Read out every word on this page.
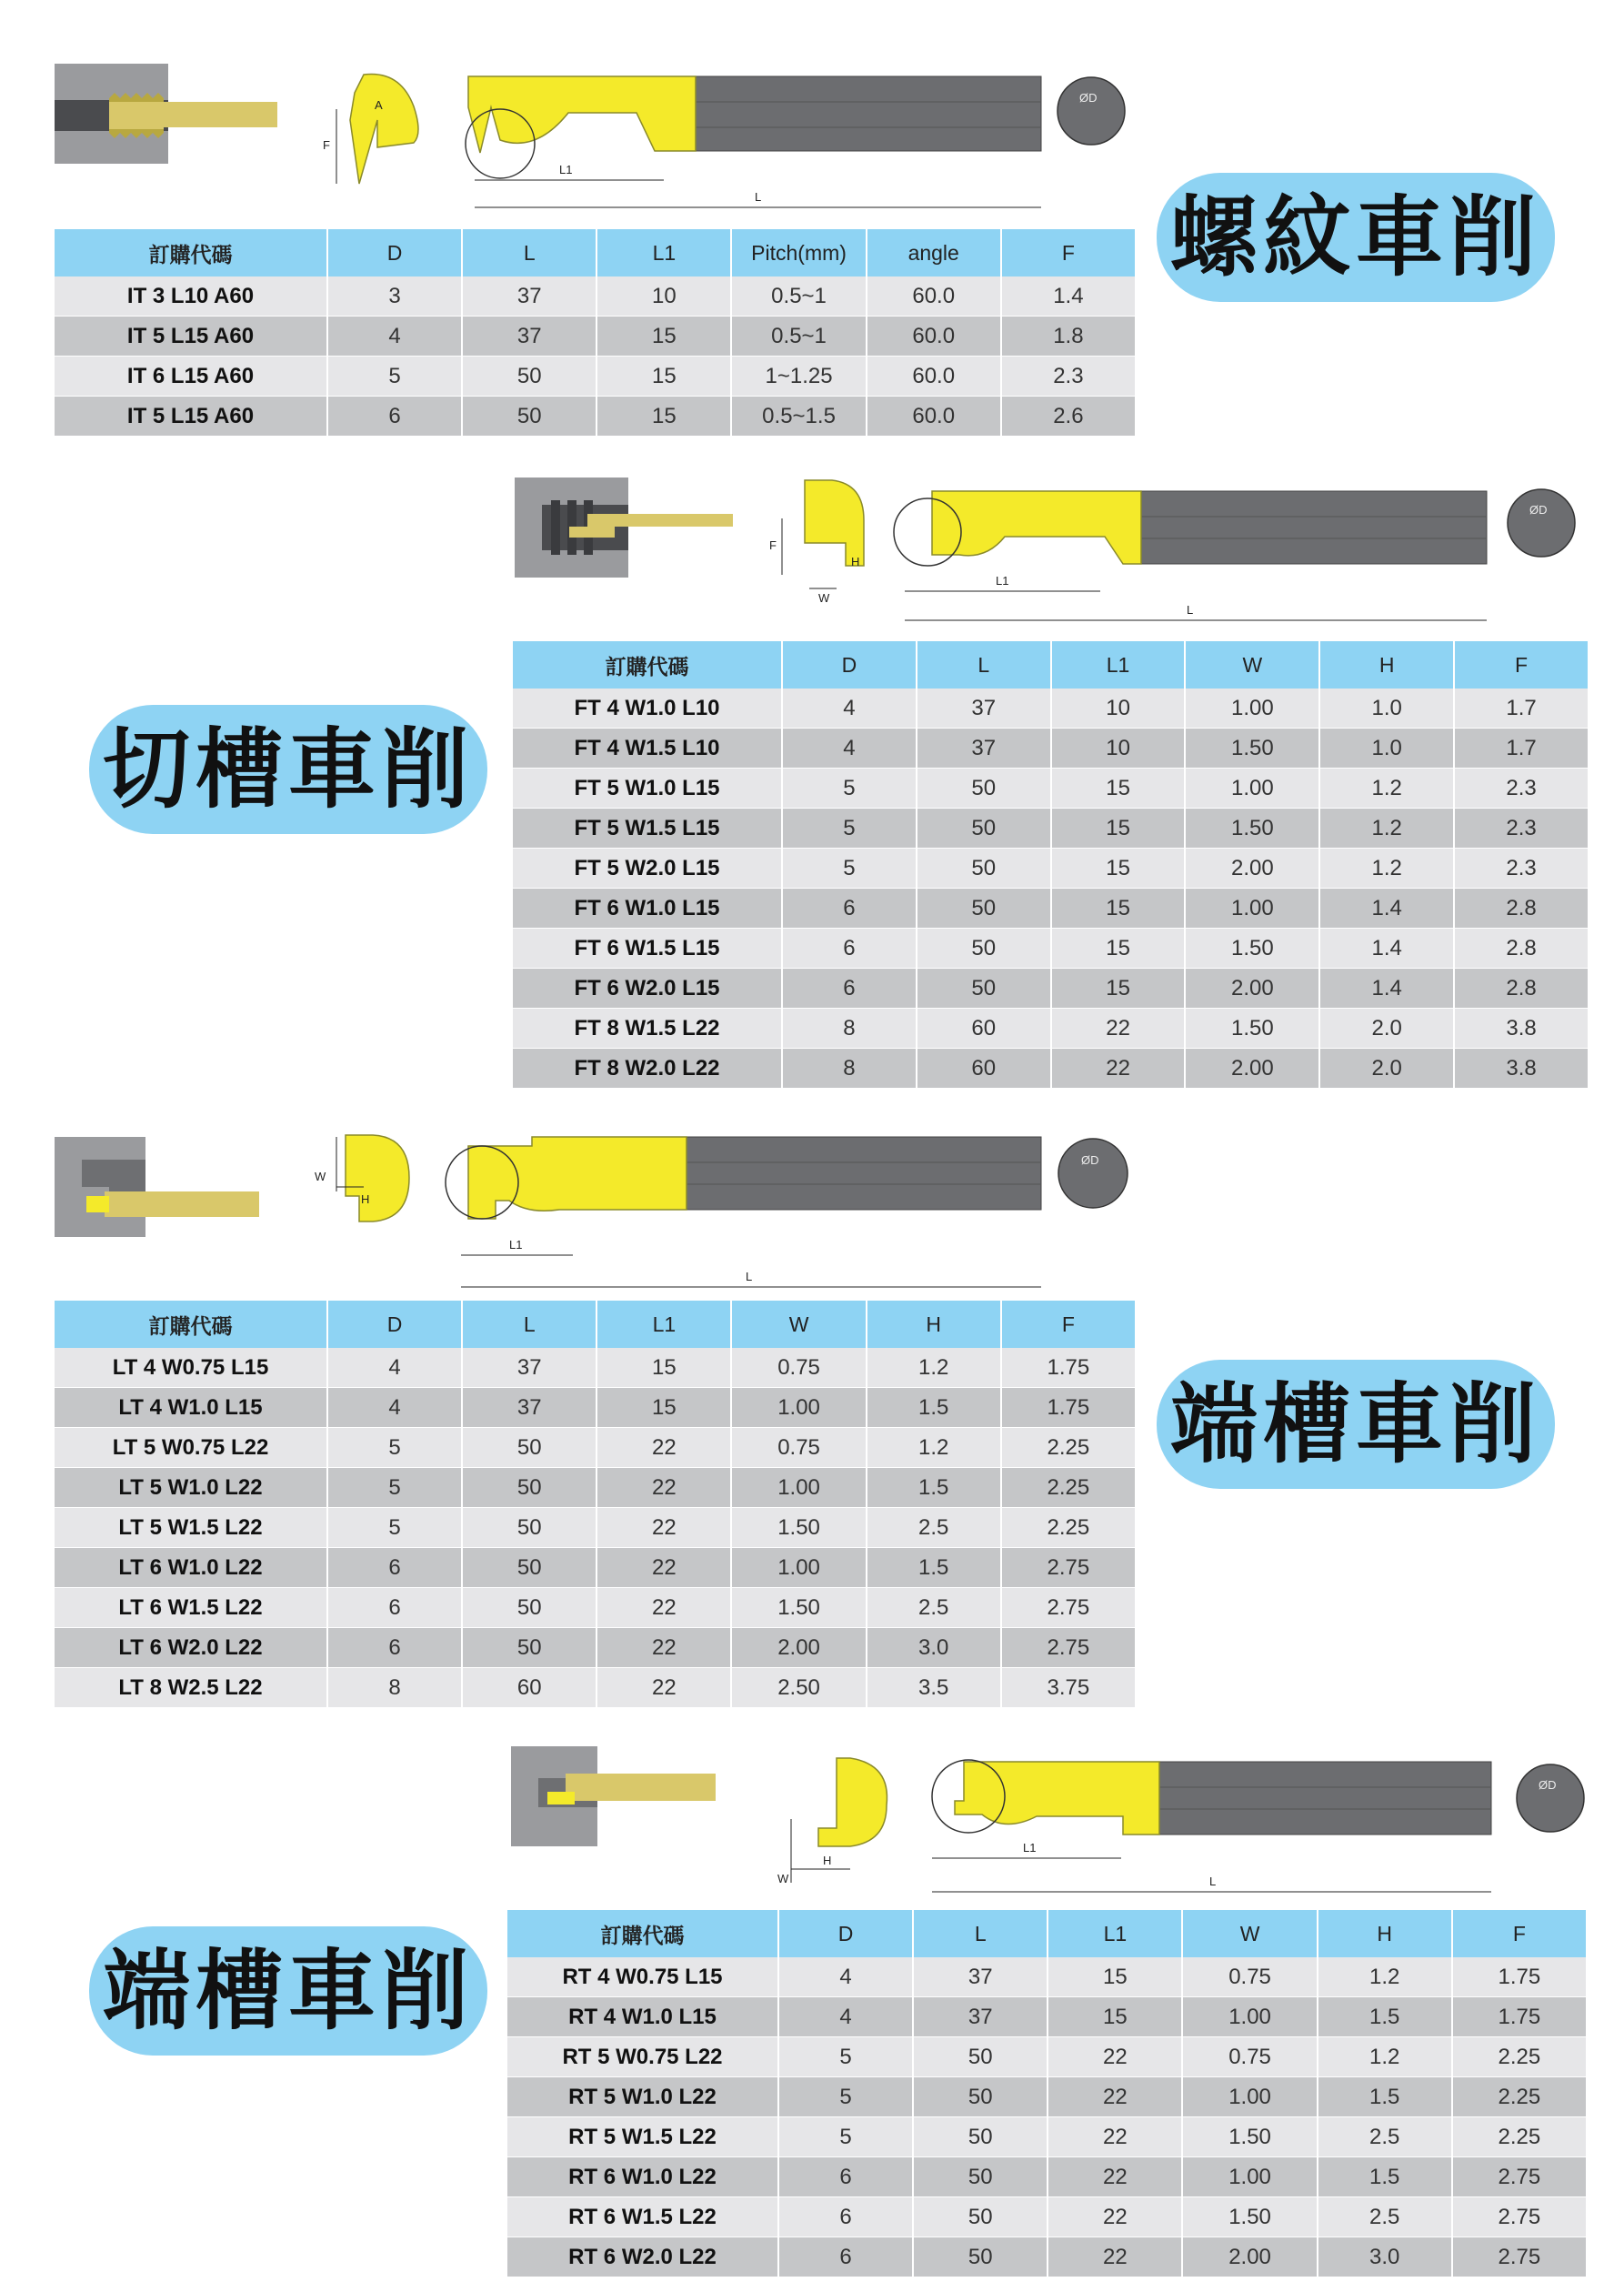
F
A
L1
L
ØD
訂購代碼	D	L	L1	Pitch(mm)	angle	F
IT 3 L10 A60	3	37	10	0.5~1	60.0	1.4
IT 5 L15 A60	4	37	15	0.5~1	60.0	1.8
IT 6 L15 A60	5	50	15	1~1.25	60.0	2.3
IT 5 L15 A60	6	50	15	0.5~1.5	60.0	2.6
螺紋車削
F
H
W
L1
L
ØD
切槽車削
訂購代碼	D	L	L1	W	H	F
FT 4 W1.0 L10	4	37	10	1.00	1.0	1.7
FT 4 W1.5 L10	4	37	10	1.50	1.0	1.7
FT 5 W1.0 L15	5	50	15	1.00	1.2	2.3
FT 5 W1.5 L15	5	50	15	1.50	1.2	2.3
FT 5 W2.0 L15	5	50	15	2.00	1.2	2.3
FT 6 W1.0 L15	6	50	15	1.00	1.4	2.8
FT 6 W1.5 L15	6	50	15	1.50	1.4	2.8
FT 6 W2.0 L15	6	50	15	2.00	1.4	2.8
FT 8 W1.5 L22	8	60	22	1.50	2.0	3.8
FT 8 W2.0 L22	8	60	22	2.00	2.0	3.8
W
H
L1
L
ØD
訂購代碼	D	L	L1	W	H	F
LT 4 W0.75 L15	4	37	15	0.75	1.2	1.75
LT 4 W1.0 L15	4	37	15	1.00	1.5	1.75
LT 5 W0.75 L22	5	50	22	0.75	1.2	2.25
LT 5 W1.0 L22	5	50	22	1.00	1.5	2.25
LT 5 W1.5 L22	5	50	22	1.50	2.5	2.25
LT 6 W1.0 L22	6	50	22	1.00	1.5	2.75
LT 6 W1.5 L22	6	50	22	1.50	2.5	2.75
LT 6 W2.0 L22	6	50	22	2.00	3.0	2.75
LT 8 W2.5 L22	8	60	22	2.50	3.5	3.75
端槽車削
W
H
L1
L
ØD
端槽車削
訂購代碼	D	L	L1	W	H	F
RT 4 W0.75 L15	4	37	15	0.75	1.2	1.75
RT 4 W1.0 L15	4	37	15	1.00	1.5	1.75
RT 5 W0.75 L22	5	50	22	0.75	1.2	2.25
RT 5 W1.0 L22	5	50	22	1.00	1.5	2.25
RT 5 W1.5 L22	5	50	22	1.50	2.5	2.25
RT 6 W1.0 L22	6	50	22	1.00	1.5	2.75
RT 6 W1.5 L22	6	50	22	1.50	2.5	2.75
RT 6 W2.0 L22	6	50	22	2.00	3.0	2.75
